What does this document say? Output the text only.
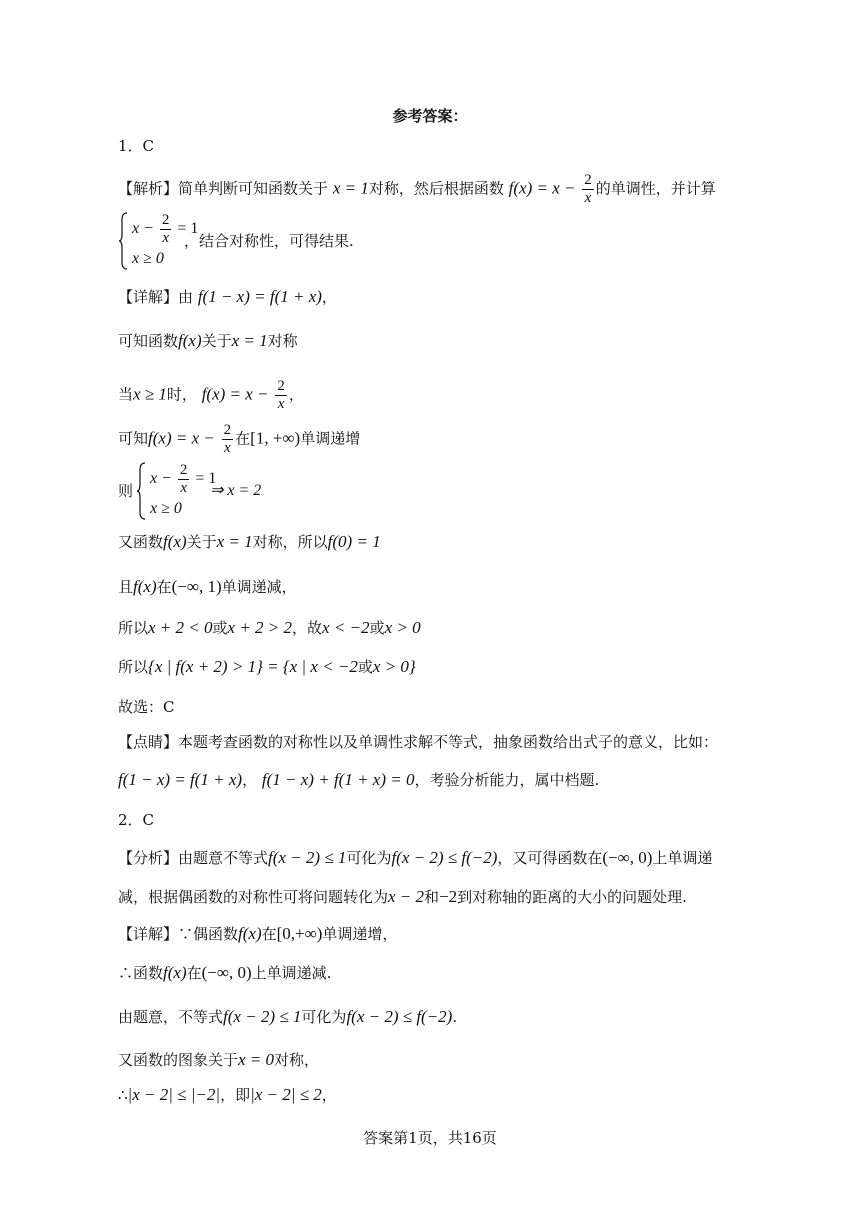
参考答案：
1．C
【解析】简单判断可知函数关于 x = 1对称，然后根据函数 $f(x) = x - \frac{2}{x}$ 的单调性，并计算
$x - \frac{2}{x} = 1$
x ≥ 0
，结合对称性，可得结果.
【详解】由 f(1 − x) = f(1 + x)，
可知函数f(x)关于x = 1对称
当x ≥ 1时， $f(x) = x - \frac{2}{x}$ ，
可知$f(x) = x - \frac{2}{x}$ 在[1, +∞)单调递增
则
$x - \frac{2}{x} = 1$
⇒ x = 2
x ≥ 0
又函数f(x)关于x = 1对称，所以f(0) = 1
且f(x)在(−∞, 1)单调递减，
所以x + 2 < 0或x + 2 > 2，故x < −2或x > 0
所以{x | f(x + 2) > 1} = {x | x < −2或x > 0}
故选：C
【点睛】本题考查函数的对称性以及单调性求解不等式，抽象函数给出式子的意义，比如：
f(1 − x) = f(1 + x)， f(1 − x) + f(1 + x) = 0，考验分析能力，属中档题.
2．C
【分析】由题意不等式f(x − 2) ≤ 1可化为f(x − 2) ≤ f(−2)，又可得函数在(−∞, 0)上单调递
减，根据偶函数的对称性可将问题转化为x − 2和−2到对称轴的距离的大小的问题处理.
【详解】∵偶函数f(x)在[0,+∞)单调递增，
∴函数f(x)在(−∞, 0)上单调递减.
由题意，不等式f(x − 2) ≤ 1可化为f(x − 2) ≤ f(−2).
又函数的图象关于x = 0对称，
∴|x − 2| ≤ |−2|，即|x − 2| ≤ 2，
答案第1页，共16页
